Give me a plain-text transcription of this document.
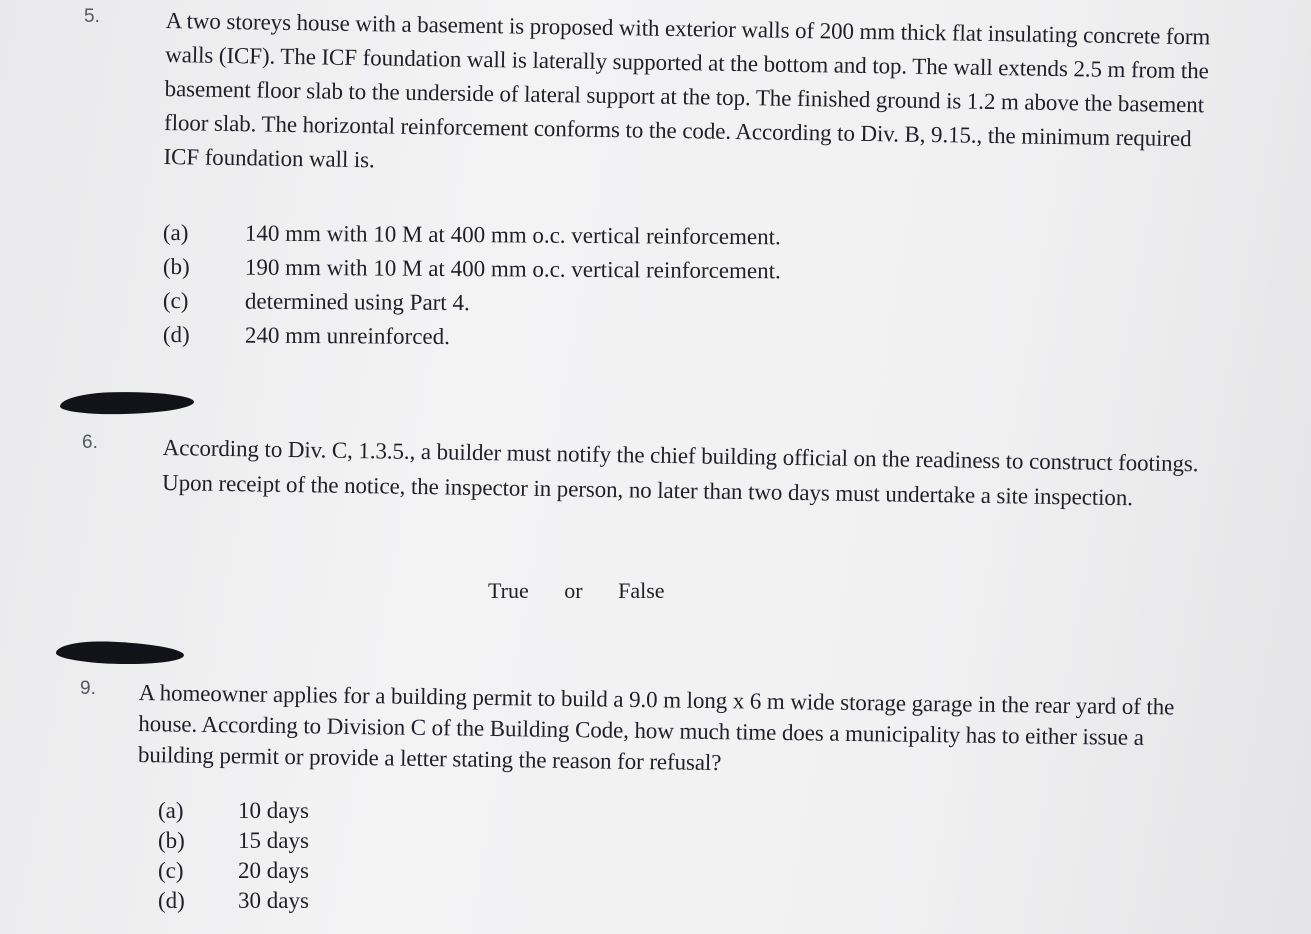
5.	A two storeys house with a basement is proposed with exterior walls of 200 mm thick flat insulating concrete form walls (ICF). The ICF foundation wall is laterally supported at the bottom and top. The wall extends 2.5 m from the basement floor slab to the underside of lateral support at the top. The finished ground is 1.2 m above the basement floor slab. The horizontal reinforcement conforms to the code. According to Div. B, 9.15., the minimum required ICF foundation wall is.

(a) 140 mm with 10 M at 400 mm o.c. vertical reinforcement.
(b) 190 mm with 10 M at 400 mm o.c. vertical reinforcement.
(c) determined using Part 4.
(d) 240 mm unreinforced.
6.	According to Div. C, 1.3.5., a builder must notify the chief building official on the readiness to construct footings. Upon receipt of the notice, the inspector in person, no later than two days must undertake a site inspection.

True or False
9. A homeowner applies for a building permit to build a 9.0 m long x 6 m wide storage garage in the rear yard of the house. According to Division C of the Building Code, how much time does a municipality has to either issue a building permit or provide a letter stating the reason for refusal?

(a) 10 days
(b) 15 days
(c) 20 days
(d) 30 days
